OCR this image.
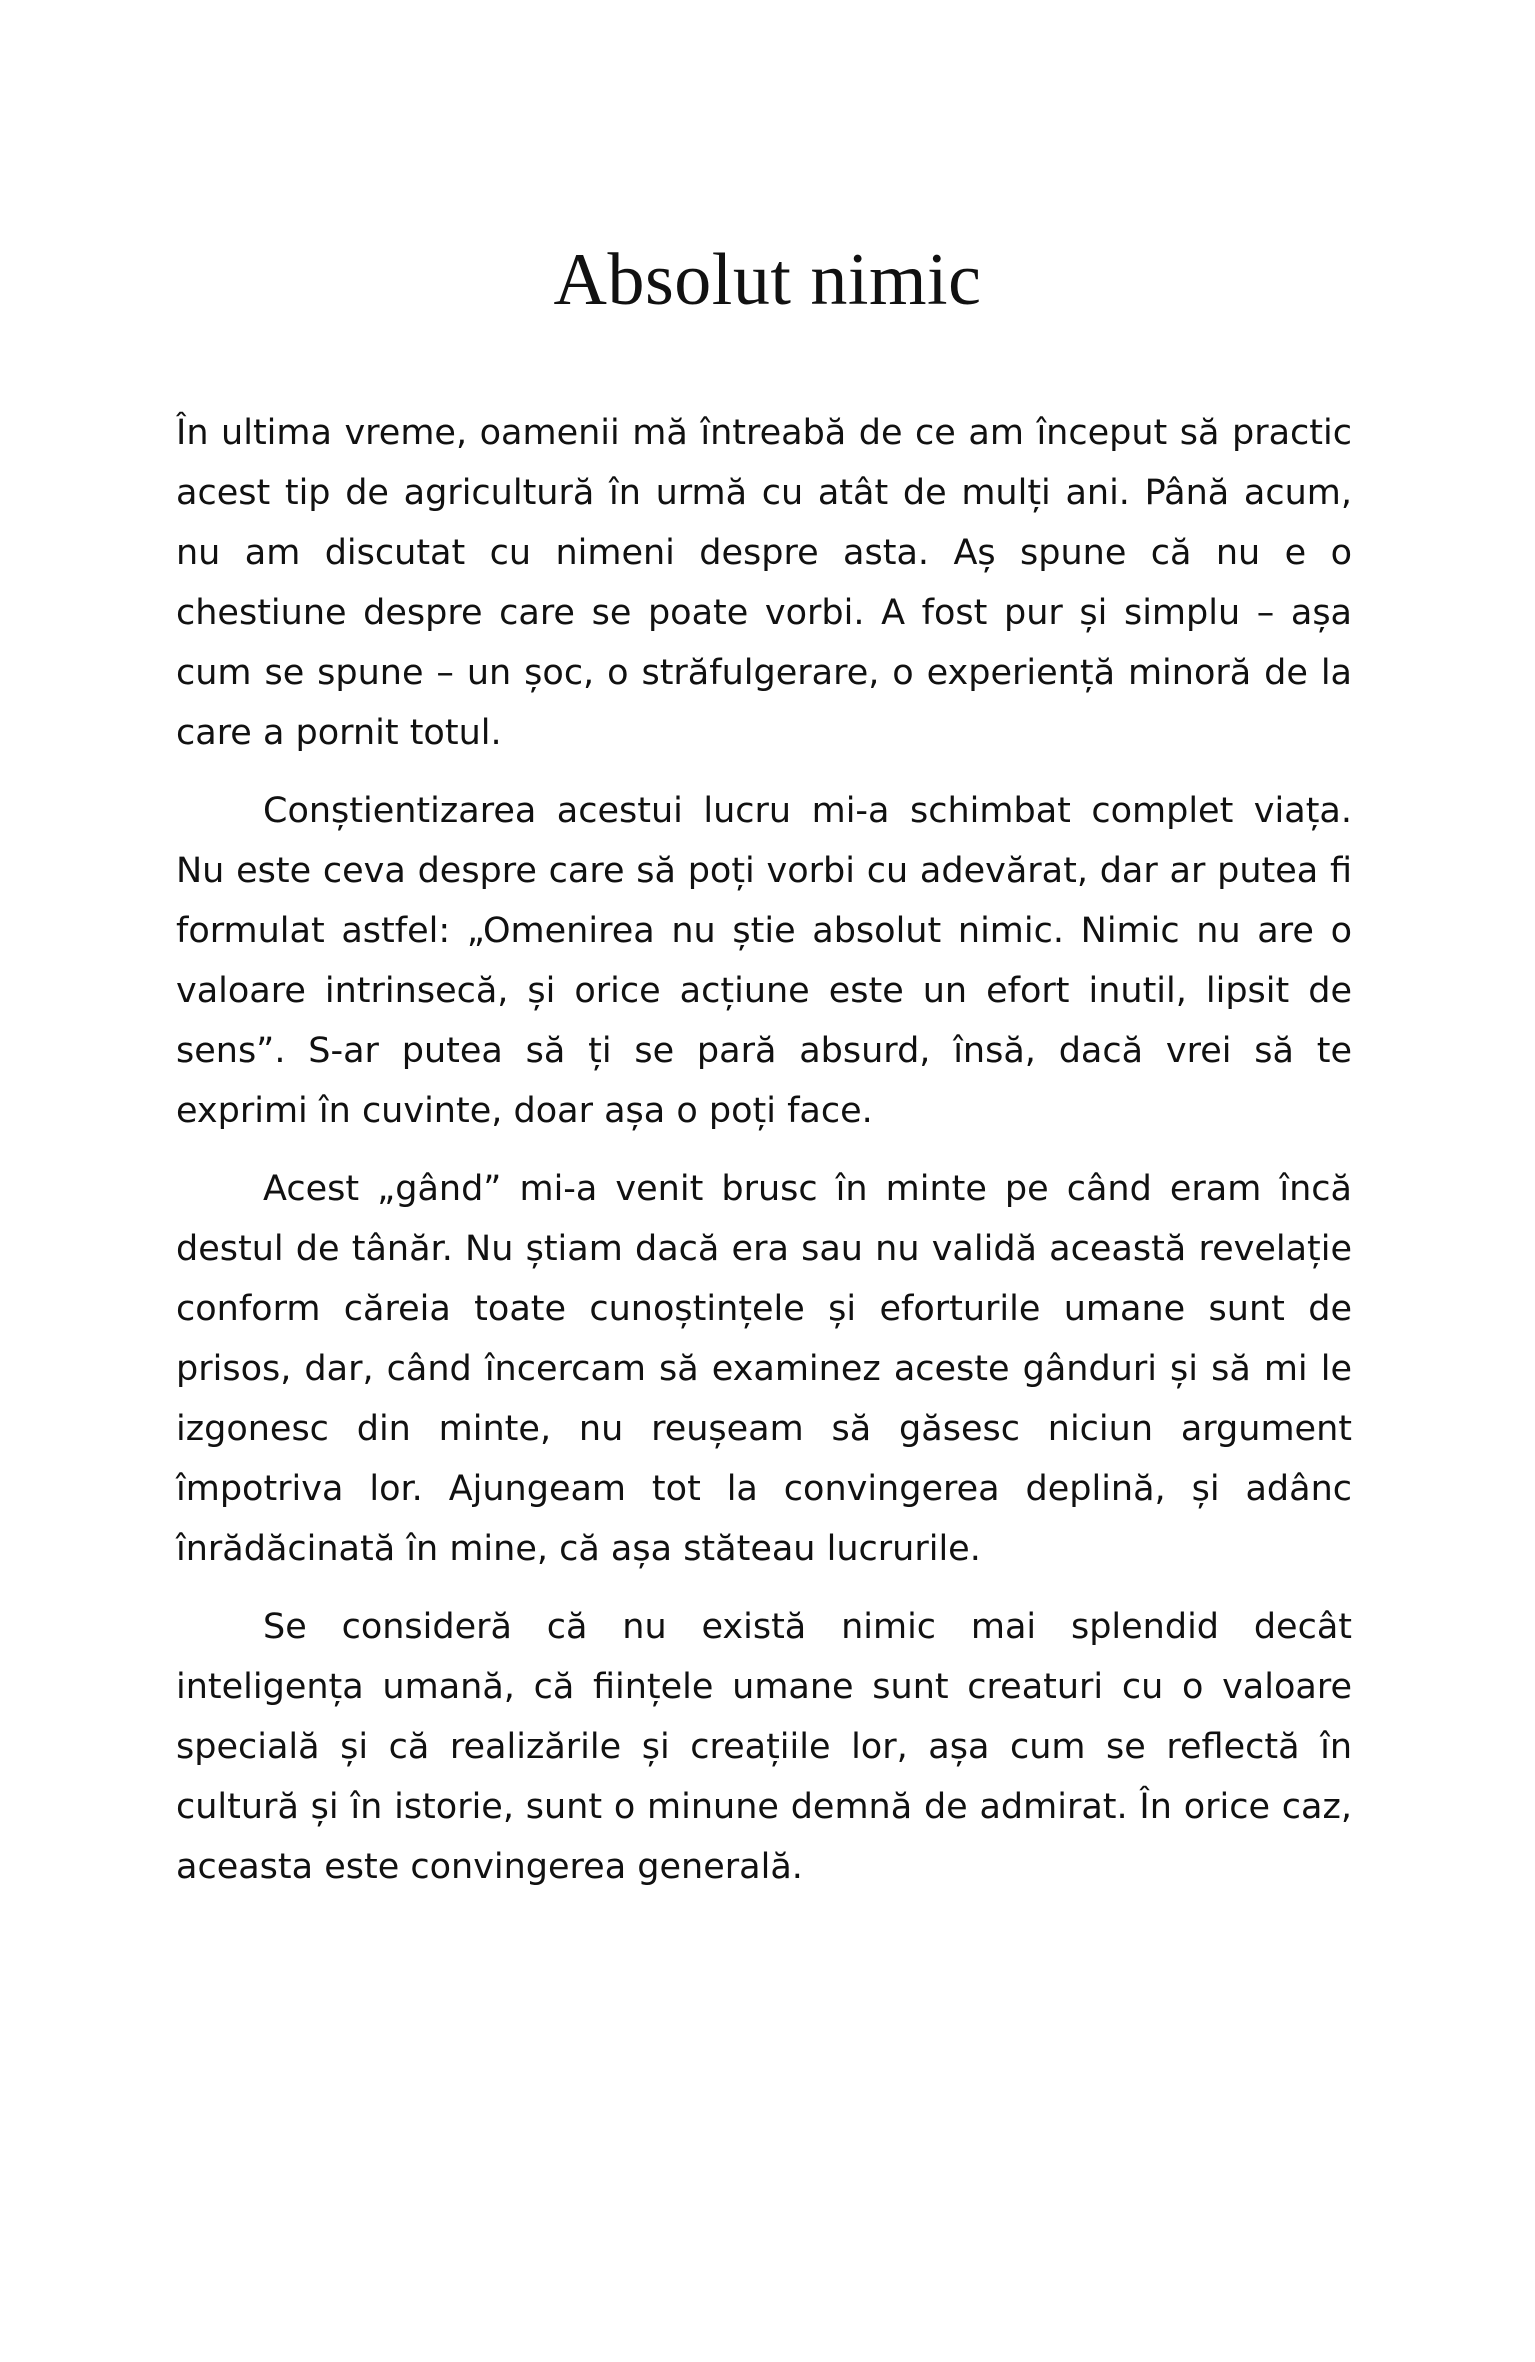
Absolut nimic

În ultima vreme, oamenii mă întreabă de ce am început să practic acest tip de agricultură în urmă cu atât de mulți ani. Până acum, nu am discutat cu nimeni despre asta. Aș spune că nu e o chestiune despre care se poate vorbi. A fost pur și simplu – așa cum se spune – un șoc, o străfulgerare, o experiență minoră de la care a pornit totul.

Conștientizarea acestui lucru mi-a schimbat complet viața. Nu este ceva despre care să poți vorbi cu adevărat, dar ar putea fi formulat astfel: „Omenirea nu știe absolut nimic. Nimic nu are o valoare intrinsecă, și orice acțiune este un efort inutil, lipsit de sens”. S-ar putea să ți se pară absurd, însă, dacă vrei să te exprimi în cuvinte, doar așa o poți face.

Acest „gând” mi-a venit brusc în minte pe când eram încă destul de tânăr. Nu știam dacă era sau nu validă această revelație conform căreia toate cunoștințele și eforturile umane sunt de prisos, dar, când încercam să examinez aceste gânduri și să mi le izgonesc din minte, nu reușeam să găsesc niciun argument împotriva lor. Ajungeam tot la convingerea deplină, și adânc înrădăcinată în mine, că așa stăteau lucrurile.

Se consideră că nu există nimic mai splendid decât inteligența umană, că ființele umane sunt creaturi cu o valoare specială și că realizările și creațiile lor, așa cum se reflectă în cultură și în istorie, sunt o minune demnă de admirat. În orice caz, aceasta este convingerea generală.
